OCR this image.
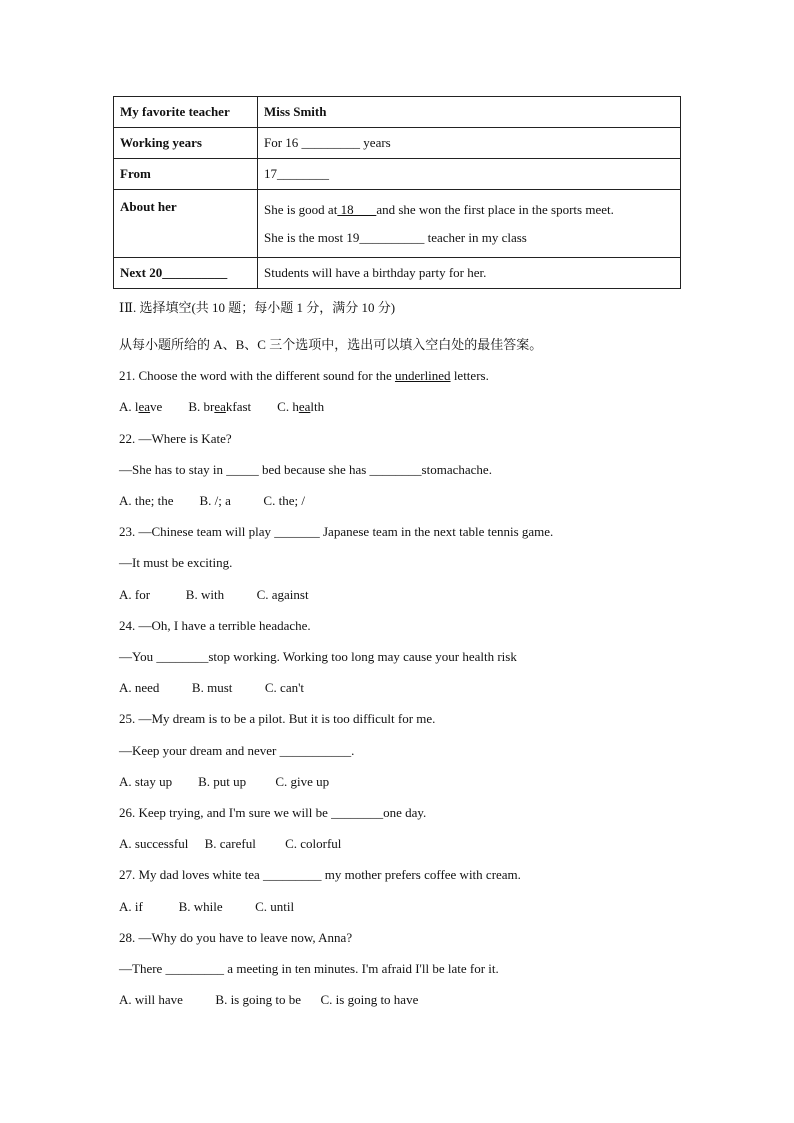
My favorite teacher	Miss Smith
Working years	For 16 _________ years
From	17________
About her	She is good at 18       and she won the first place in the sports meet.
She is the most 19__________ teacher in my class

Next 20__________	Students will have a birthday party for her.
ⅠⅡ. 选择填空(共 10 题；每小题 1 分，满分 10 分)
从每小题所给的 A、B、C 三个选项中，选出可以填入空白处的最佳答案。
21. Choose the word with the different sound for the underlined letters.
A. leave B. breakfast C. health
22. —Where is Kate?
—She has to stay in _____ bed because she has ________stomachache.
A. the; the        B. /; a          C. the; /
23. —Chinese team will play _______ Japanese team in the next table tennis game.
—It must be exciting.
A. for           B. with          C. against
24. —Oh, I have a terrible headache.
—You ________stop working. Working too long may cause your health risk
A. need          B. must          C. can't
25. —My dream is to be a pilot. But it is too difficult for me.
—Keep your dream and never ___________.
A. stay up        B. put up         C. give up
26. Keep trying, and I'm sure we will be ________one day.
A. successful     B. careful         C. colorful
27. My dad loves white tea _________ my mother prefers coffee with cream.
A. if           B. while          C. until
28. —Why do you have to leave now, Anna?
—There _________ a meeting in ten minutes. I'm afraid I'll be late for it.
A. will have          B. is going to be      C. is going to have
